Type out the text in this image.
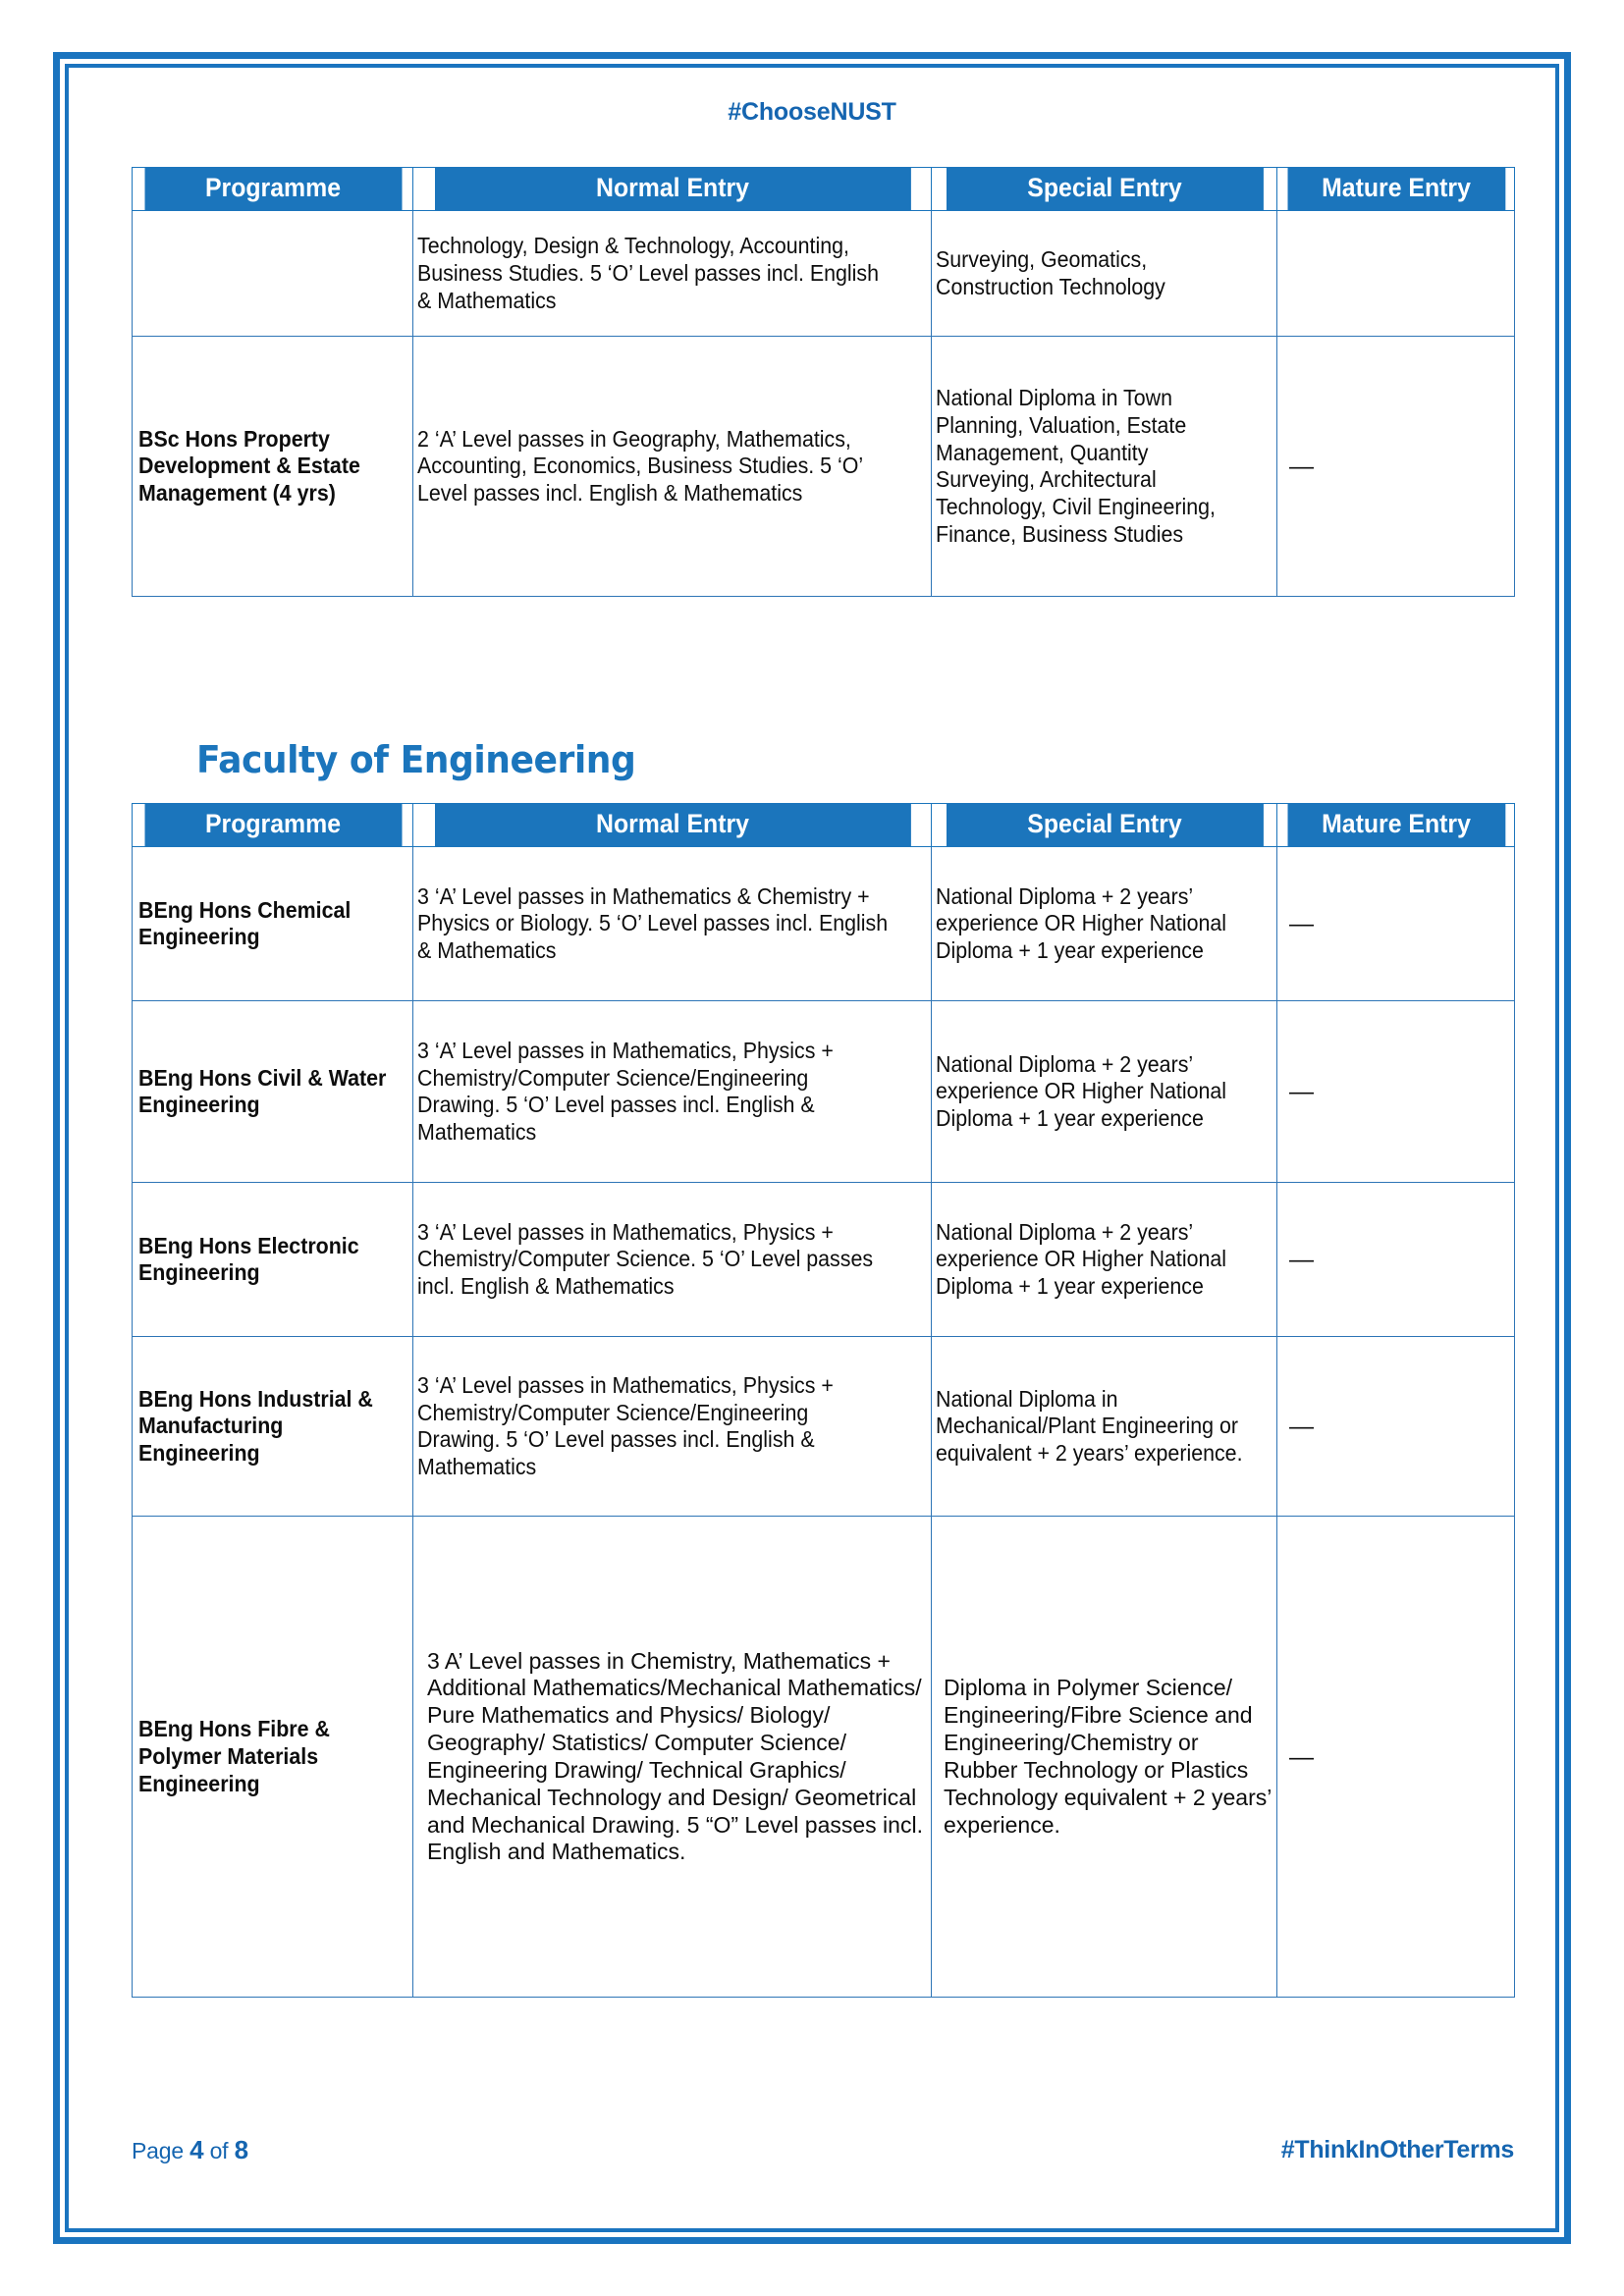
#ChooseNUST
Programme	Normal Entry	Special Entry	Mature Entry

	Technology, Design & Technology, Accounting, Business Studies. 5 ‘O’ Level passes incl. English & Mathematics	Surveying, Geomatics, Construction Technology	

BSc Hons Property Development & Estate Management (4 yrs)	2 ‘A’ Level passes in Geography, Mathematics, Accounting, Economics, Business Studies. 5 ‘O’ Level passes incl. English & Mathematics	National Diploma in Town Planning, Valuation, Estate Management, Quantity Surveying, Architectural Technology, Civil Engineering, Finance, Business Studies	—
Faculty of Engineering
Programme	Normal Entry	Special Entry	Mature Entry
BEng Hons Chemical Engineering	3 ‘A’ Level passes in Mathematics & Chemistry + Physics or Biology. 5 ‘O’ Level passes incl. English & Mathematics	National Diploma + 2 years’ experience OR Higher National Diploma + 1 year experience	—

BEng Hons Civil & Water Engineering	3 ‘A’ Level passes in Mathematics, Physics + Chemistry/Computer Science/Engineering Drawing. 5 ‘O’ Level passes incl. English & Mathematics	National Diploma + 2 years’ experience OR Higher National Diploma + 1 year experience	—

BEng Hons Electronic Engineering	3 ‘A’ Level passes in Mathematics, Physics + Chemistry/Computer Science. 5 ‘O’ Level passes incl. English & Mathematics	National Diploma + 2 years’ experience OR Higher National Diploma + 1 year experience	—

BEng Hons Industrial & Manufacturing Engineering	3 ‘A’ Level passes in Mathematics, Physics + Chemistry/Computer Science/Engineering Drawing. 5 ‘O’ Level passes incl. English & Mathematics	National Diploma in Mechanical/Plant Engineering or equivalent + 2 years’ experience.	—

BEng Hons Fibre & Polymer Materials Engineering	3 A’ Level passes in Chemistry, Mathematics + Additional Mathematics/Mechanical Mathematics/ Pure Mathematics and Physics/ Biology/ Geography/ Statistics/ Computer Science/ Engineering Drawing/ Technical Graphics/ Mechanical Technology and Design/ Geometrical and Mechanical Drawing. 5 “O” Level passes incl. English and Mathematics.	Diploma in Polymer Science/ Engineering/Fibre Science and Engineering/Chemistry or Rubber Technology or Plastics Technology equivalent + 2 years’ experience.	—
Page 4 of 8	#ThinkInOtherTerms
